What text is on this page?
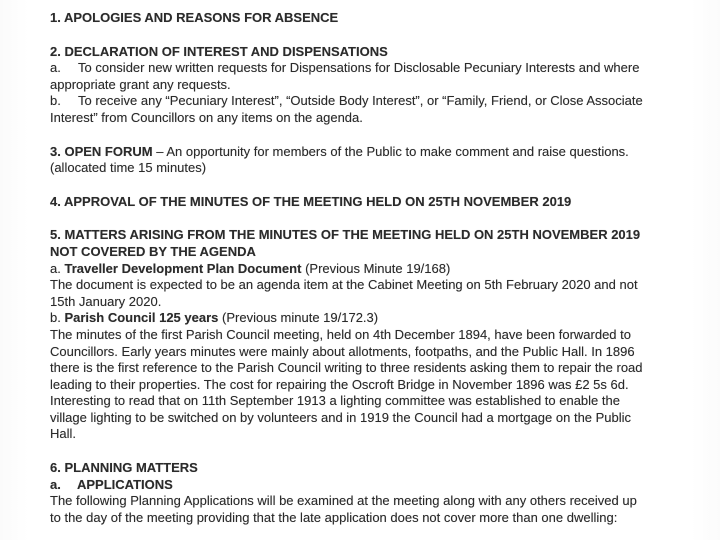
1. APOLOGIES AND REASONS FOR ABSENCE

2. DECLARATION OF INTEREST AND DISPENSATIONS

a. To consider new written requests for Dispensations for Disclosable Pecuniary Interests and where appropriate grant any requests.

b. To receive any “Pecuniary Interest”, “Outside Body Interest”, or “Family, Friend, or Close Associate Interest” from Councillors on any items on the agenda.

3. OPEN FORUM – An opportunity for members of the Public to make comment and raise questions. (allocated time 15 minutes)

4. APPROVAL OF THE MINUTES OF THE MEETING HELD ON 25TH NOVEMBER 2019

5. MATTERS ARISING FROM THE MINUTES OF THE MEETING HELD ON 25TH NOVEMBER 2019 NOT COVERED BY THE AGENDA

a. Traveller Development Plan Document (Previous Minute 19/168)

The document is expected to be an agenda item at the Cabinet Meeting on 5th February 2020 and not 15th January 2020.

b. Parish Council 125 years (Previous minute 19/172.3)

The minutes of the first Parish Council meeting, held on 4th December 1894, have been forwarded to Councillors. Early years minutes were mainly about allotments, footpaths, and the Public Hall. In 1896 there is the first reference to the Parish Council writing to three residents asking them to repair the road leading to their properties. The cost for repairing the Oscroft Bridge in November 1896 was £2 5s 6d. Interesting to read that on 11th September 1913 a lighting committee was established to enable the village lighting to be switched on by volunteers and in 1919 the Council had a mortgage on the Public Hall.

6. PLANNING MATTERS

a. APPLICATIONS

The following Planning Applications will be examined at the meeting along with any others received up to the day of the meeting providing that the late application does not cover more than one dwelling:
